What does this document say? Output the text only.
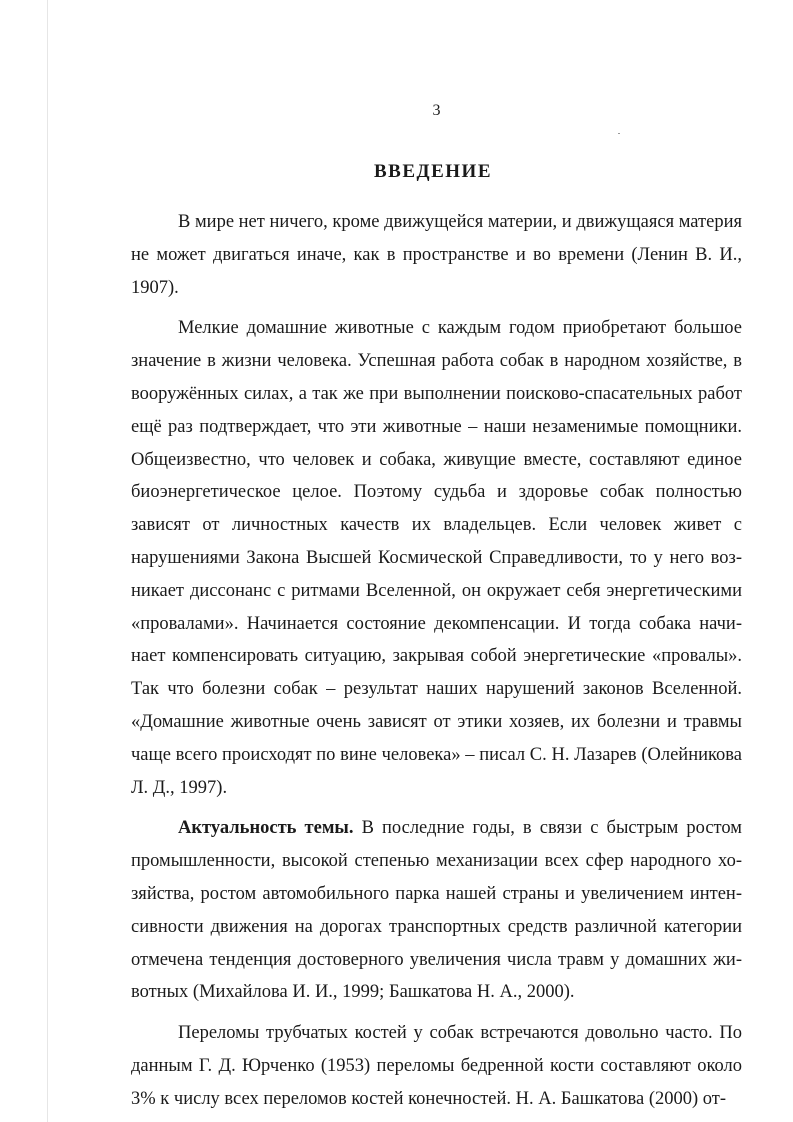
3
ВВЕДЕНИЕ

В мире нет ничего, кроме движущейся материи, и движущаяся материя не может двигаться иначе, как в пространстве и во времени (Ленин В. И., 1907).

Мелкие домашние животные с каждым годом приобретают большое значение в жизни человека. Успешная работа собак в народном хозяйстве, в вооружённых силах, а так же при выполнении поисково-спасательных работ ещё раз подтверждает, что эти животные – наши незаменимые помощники. Общеизвестно, что человек и собака, живущие вместе, составляют единое биоэнергетическое целое. Поэтому судьба и здоровье собак полностью зависят от личностных качеств их владельцев. Если человек живет с нарушениями Закона Высшей Космической Справедливости, то у него возникает диссонанс с ритмами Вселенной, он окружает себя энергетическими «провалами». Начинается состояние декомпенсации. И тогда собака начинает компенсировать ситуацию, закрывая собой энергетические «провалы». Так что болезни собак – результат наших нарушений законов Вселенной. «Домашние животные очень зависят от этики хозяев, их болезни и травмы чаще всего происходят по вине человека» – писал С. Н. Лазарев (Олейникова Л. Д., 1997).

Актуальность темы. В последние годы, в связи с быстрым ростом промышленности, высокой степенью механизации всех сфер народного хозяйства, ростом автомобильного парка нашей страны и увеличением интенсивности движения на дорогах транспортных средств различной категории отмечена тенденция достоверного увеличения числа травм у домашних животных (Михайлова И. И., 1999; Башкатова Н. А., 2000).

Переломы трубчатых костей у собак встречаются довольно часто. По данным Г. Д. Юрченко (1953) переломы бедренной кости составляют около 3% к числу всех переломов костей конечностей. Н. А. Башкатова (2000) от-
